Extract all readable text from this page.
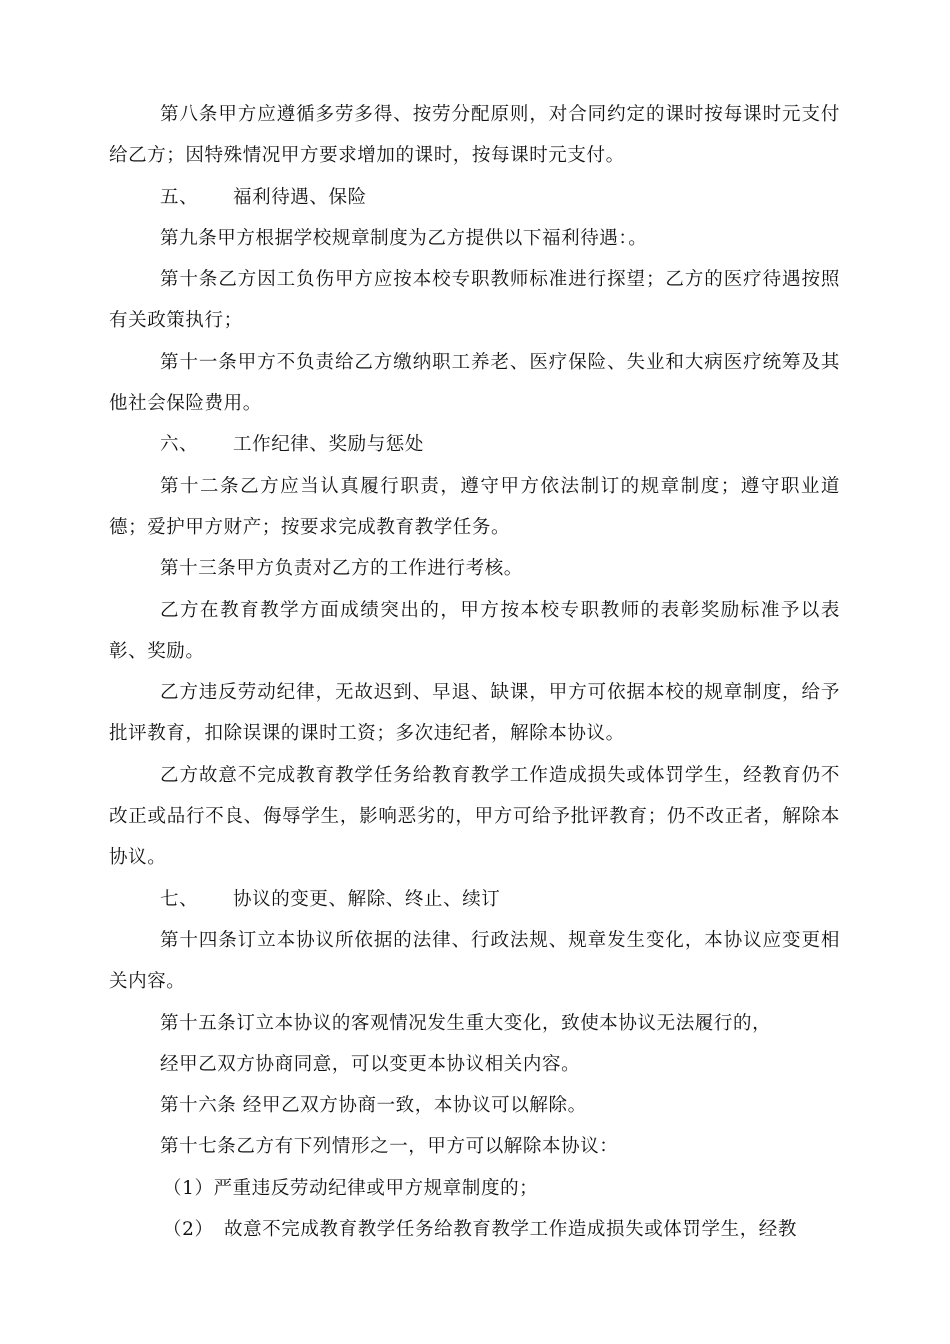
第八条甲方应遵循多劳多得、按劳分配原则，对合同约定的课时按每课时元支付给乙方；因特殊情况甲方要求增加的课时，按每课时元支付。

五、 福利待遇、保险

第九条甲方根据学校规章制度为乙方提供以下福利待遇：。

第十条乙方因工负伤甲方应按本校专职教师标准进行探望；乙方的医疗待遇按照有关政策执行；

第十一条甲方不负责给乙方缴纳职工养老、医疗保险、失业和大病医疗统筹及其他社会保险费用。

六、 工作纪律、奖励与惩处

第十二条乙方应当认真履行职责，遵守甲方依法制订的规章制度；遵守职业道德；爱护甲方财产；按要求完成教育教学任务。

第十三条甲方负责对乙方的工作进行考核。

乙方在教育教学方面成绩突出的，甲方按本校专职教师的表彰奖励标准予以表彰、奖励。

乙方违反劳动纪律，无故迟到、早退、缺课，甲方可依据本校的规章制度，给予批评教育，扣除误课的课时工资；多次违纪者，解除本协议。

乙方故意不完成教育教学任务给教育教学工作造成损失或体罚学生，经教育仍不改正或品行不良、侮辱学生，影响恶劣的，甲方可给予批评教育；仍不改正者，解除本协议。

七、 协议的变更、解除、终止、续订

第十四条订立本协议所依据的法律、行政法规、规章发生变化，本协议应变更相关内容。

第十五条订立本协议的客观情况发生重大变化，致使本协议无法履行的，

经甲乙双方协商同意，可以变更本协议相关内容。

第十六条 经甲乙双方协商一致，本协议可以解除。

第十七条乙方有下列情形之一，甲方可以解除本协议：

（1）严重违反劳动纪律或甲方规章制度的；

（2） 故意不完成教育教学任务给教育教学工作造成损失或体罚学生，经教
